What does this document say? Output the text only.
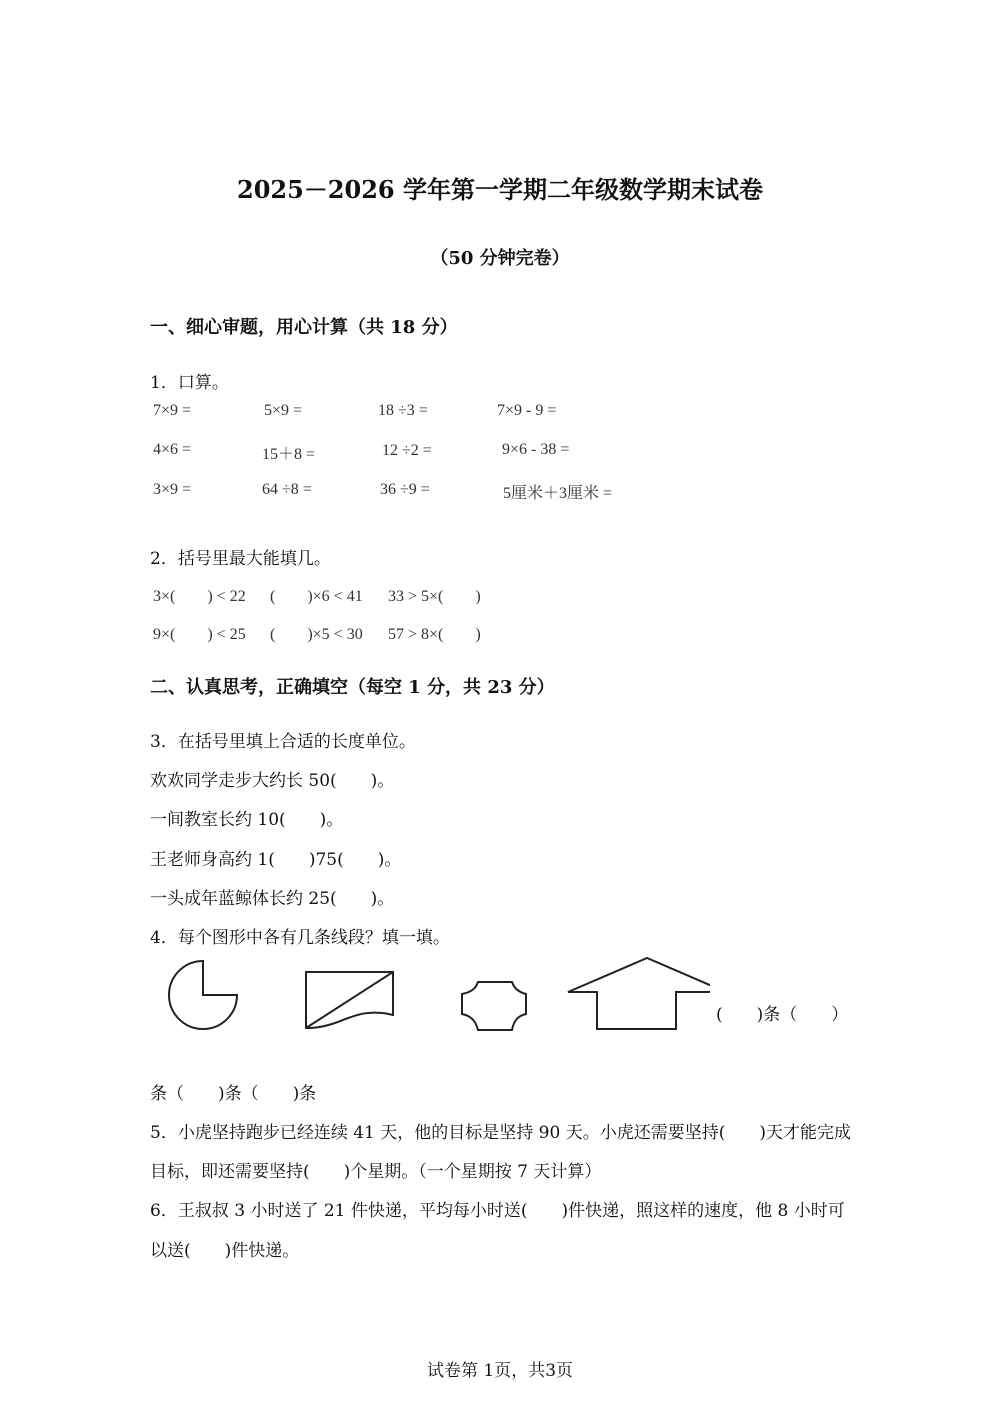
2025－2026 学年第一学期二年级数学期末试卷
（50 分钟完卷）
一、细心审题，用心计算（共 18 分）
1．口算。
7×9 =	5×9 =	18 ÷3 =	7×9 - 9 =
4×6 =	15＋8 =	12 ÷2 =	9×6 - 38 =
3×9 =	64 ÷8 =	36 ÷9 =	5厘米＋3厘米 =
2．括号里最大能填几。
3×(　　) < 22 (　　)×6 < 41 33 > 5×(　　)
9×(　　) < 25 (　　)×5 < 30 57 > 8×(　　)
二、认真思考，正确填空（每空 1 分，共 23 分）
3．在括号里填上合适的长度单位。
欢欢同学走步大约长 50(　　)。
一间教室长约 10(　　)。
王老师身高约 1(　　)75(　　)。
一头成年蓝鲸体长约 25(　　)。
4．每个图形中各有几条线段？填一填。
(　　)条（　　）
条（　　)条（　　)条
5．小虎坚持跑步已经连续 41 天，他的目标是坚持 90 天。小虎还需要坚持(　　)天才能完成
目标，即还需要坚持(　　)个星期。（一个星期按 7 天计算）
6．王叔叔 3 小时送了 21 件快递，平均每小时送(　　)件快递，照这样的速度，他 8 小时可
以送(　　)件快递。
试卷第 1页，共3页
